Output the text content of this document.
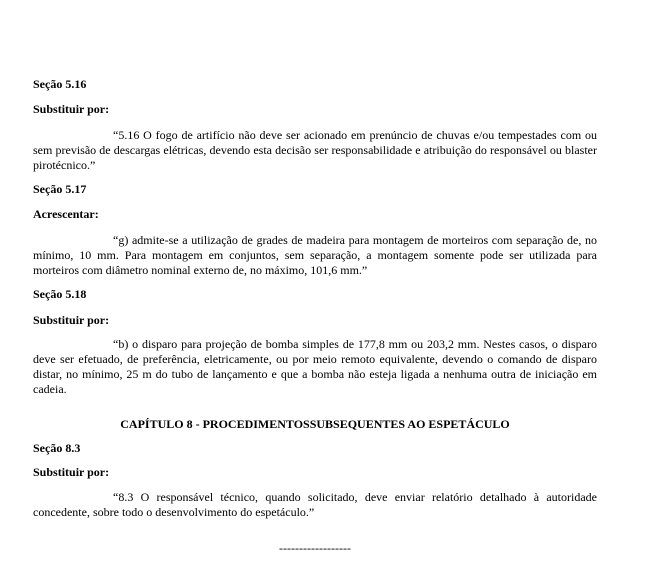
Seção 5.16
Substituir por:
“5.16 O fogo de artifício não deve ser acionado em prenúncio de chuvas e/ou tempestades com ou sem previsão de descargas elétricas, devendo esta decisão ser responsabilidade e atribuição do responsável ou blaster pirotécnico.”
Seção 5.17
Acrescentar:
“g) admite-se a utilização de grades de madeira para montagem de morteiros com separação de, no mínimo, 10 mm. Para montagem em conjuntos, sem separação, a montagem somente pode ser utilizada para morteiros com diâmetro nominal externo de, no máximo, 101,6 mm.”
Seção 5.18
Substituir por:
“b) o disparo para projeção de bomba simples de 177,8 mm ou 203,2 mm. Nestes casos, o disparo deve ser efetuado, de preferência, eletricamente, ou por meio remoto equivalente, devendo o comando de disparo distar, no mínimo, 25 m do tubo de lançamento e que a bomba não esteja ligada a nenhuma outra de iniciação em cadeia.
CAPÍTULO 8 - PROCEDIMENTOSSUBSEQUENTES AO ESPETÁCULO
Seção 8.3
Substituir por:
“8.3 O responsável técnico, quando solicitado, deve enviar relatório detalhado à autoridade concedente, sobre todo o desenvolvimento do espetáculo.”
------------------
